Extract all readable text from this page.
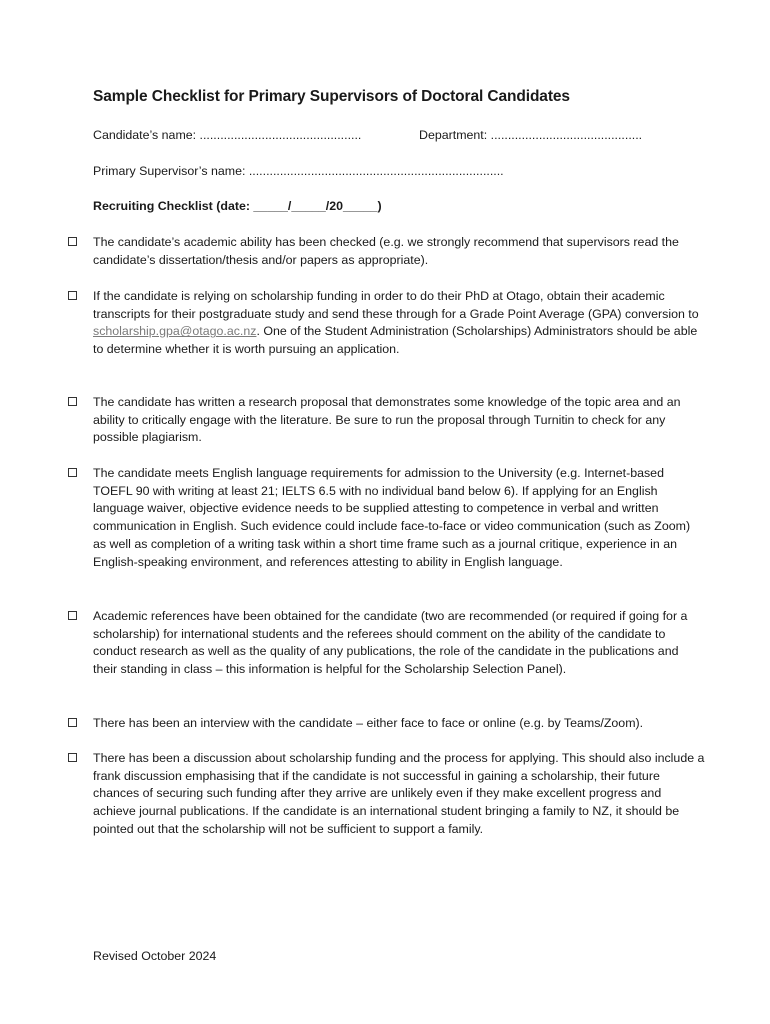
Sample Checklist for Primary Supervisors of Doctoral Candidates
Candidate’s name: ...............................................	Department: ............................................
Primary Supervisor’s name: ..........................................................................
Recruiting Checklist (date: _____/_____/20_____)
The candidate’s academic ability has been checked (e.g. we strongly recommend that supervisors read the candidate’s dissertation/thesis and/or papers as appropriate).
If the candidate is relying on scholarship funding in order to do their PhD at Otago, obtain their academic transcripts for their postgraduate study and send these through for a Grade Point Average (GPA) conversion to scholarship.gpa@otago.ac.nz. One of the Student Administration (Scholarships) Administrators should be able to determine whether it is worth pursuing an application.
The candidate has written a research proposal that demonstrates some knowledge of the topic area and an ability to critically engage with the literature. Be sure to run the proposal through Turnitin to check for any possible plagiarism.
The candidate meets English language requirements for admission to the University (e.g. Internet-based TOEFL 90 with writing at least 21; IELTS 6.5 with no individual band below 6). If applying for an English language waiver, objective evidence needs to be supplied attesting to competence in verbal and written communication in English. Such evidence could include face-to-face or video communication (such as Zoom) as well as completion of a writing task within a short time frame such as a journal critique, experience in an English-speaking environment, and references attesting to ability in English language.
Academic references have been obtained for the candidate (two are recommended (or required if going for a scholarship) for international students and the referees should comment on the ability of the candidate to conduct research as well as the quality of any publications, the role of the candidate in the publications and their standing in class – this information is helpful for the Scholarship Selection Panel).
There has been an interview with the candidate – either face to face or online (e.g. by Teams/Zoom).
There has been a discussion about scholarship funding and the process for applying. This should also include a frank discussion emphasising that if the candidate is not successful in gaining a scholarship, their future chances of securing such funding after they arrive are unlikely even if they make excellent progress and achieve journal publications. If the candidate is an international student bringing a family to NZ, it should be pointed out that the scholarship will not be sufficient to support a family.
Revised October 2024
